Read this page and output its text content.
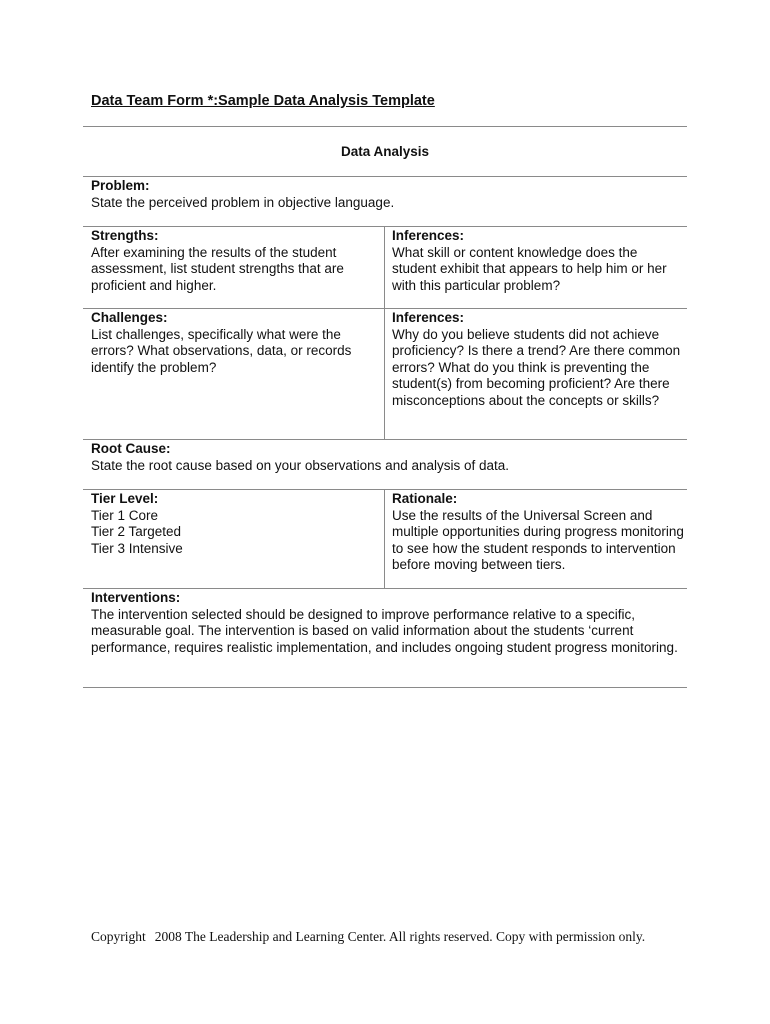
Data Team Form *:Sample Data Analysis Template
Data Analysis
Problem:
State the perceived problem in objective language.
Strengths:
After examining the results of the student assessment, list student strengths that are proficient and higher.
Inferences:
What skill or content knowledge does the student exhibit that appears to help him or her with this particular problem?
Challenges:
List challenges, specifically what were the errors? What observations, data, or records identify the problem?
Inferences:
Why do you believe students did not achieve proficiency? Is there a trend? Are there common errors? What do you think is preventing the student(s) from becoming proficient? Are there misconceptions about the concepts or skills?
Root Cause:
State the root cause based on your observations and analysis of data.
Tier Level:
Tier 1 Core
Tier 2 Targeted
Tier 3 Intensive
Rationale:
Use the results of the Universal Screen and multiple opportunities during progress monitoring to see how the student responds to intervention before moving between tiers.
Interventions:
The intervention selected should be designed to improve performance relative to a specific, measurable goal. The intervention is based on valid information about the students ‘current performance, requires realistic implementation, and includes ongoing student progress monitoring.
Copyright 2008 The Leadership and Learning Center. All rights reserved. Copy with permission only.
